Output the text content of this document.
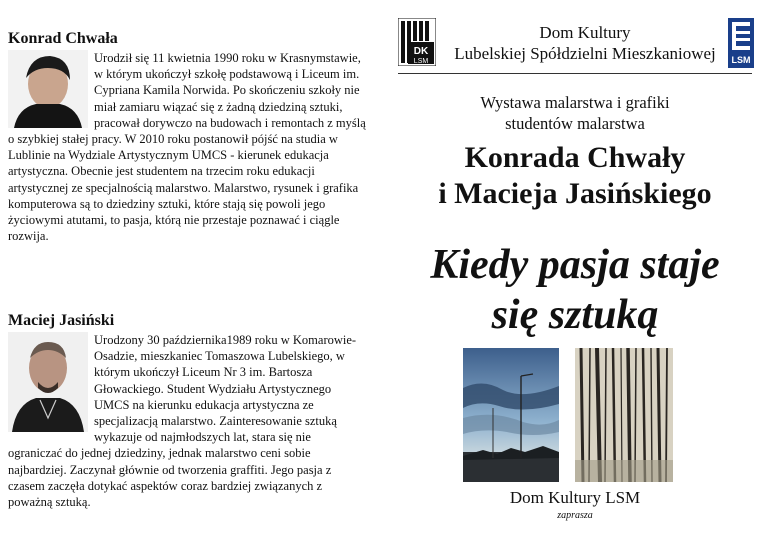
Konrad Chwała
Urodził się 11 kwietnia 1990 roku w Krasnymstawie, w którym ukończył szkołę podstawową i Liceum im. Cypriana Kamila Norwida. Po skończeniu szkoły nie miał zamiaru wiązać się z żadną dziedziną sztuki, pracował dorywczo na budowach i remontach z myślą o szybkiej stałej pracy. W 2010 roku postanowił pójść na studia w Lublinie na Wydziale Artystycznym UMCS - kierunek edukacja artystyczna. Obecnie jest studentem na trzecim roku edukacji artystycznej ze specjalnością malarstwo. Malarstwo, rysunek i grafika komputerowa są to dziedziny sztuki, które stają się powoli jego życiowymi atutami, to pasja, którą nie przestaje poznawać i ciągle rozwija.
Maciej Jasiński
Urodzony 30 października1989 roku w Komarowie-Osadzie, mieszkaniec Tomaszowa Lubelskiego, w którym ukończył Liceum Nr 3 im. Bartosza Głowackiego. Student Wydziału Artystycznego UMCS na kierunku edukacja artystyczna ze specjalizacją malarstwo. Zainteresowanie sztuką wykazuje od najmłodszych lat, stara się nie ograniczać do jednej dziedziny, jednak malarstwo ceni sobie najbardziej. Zaczynał głównie od tworzenia graffiti. Jego pasja z czasem zaczęła dotykać aspektów coraz bardziej związanych z poważną sztuką.
DK
LSM
Dom Kultury
Lubelskiej Spółdzielni Mieszkaniowej	LSM
Wystawa malarstwa i grafiki
studentów malarstwa
Konrada Chwały
i Macieja Jasińskiego
Kiedy pasja staje
się sztuką
Dom Kultury LSM
zaprasza
